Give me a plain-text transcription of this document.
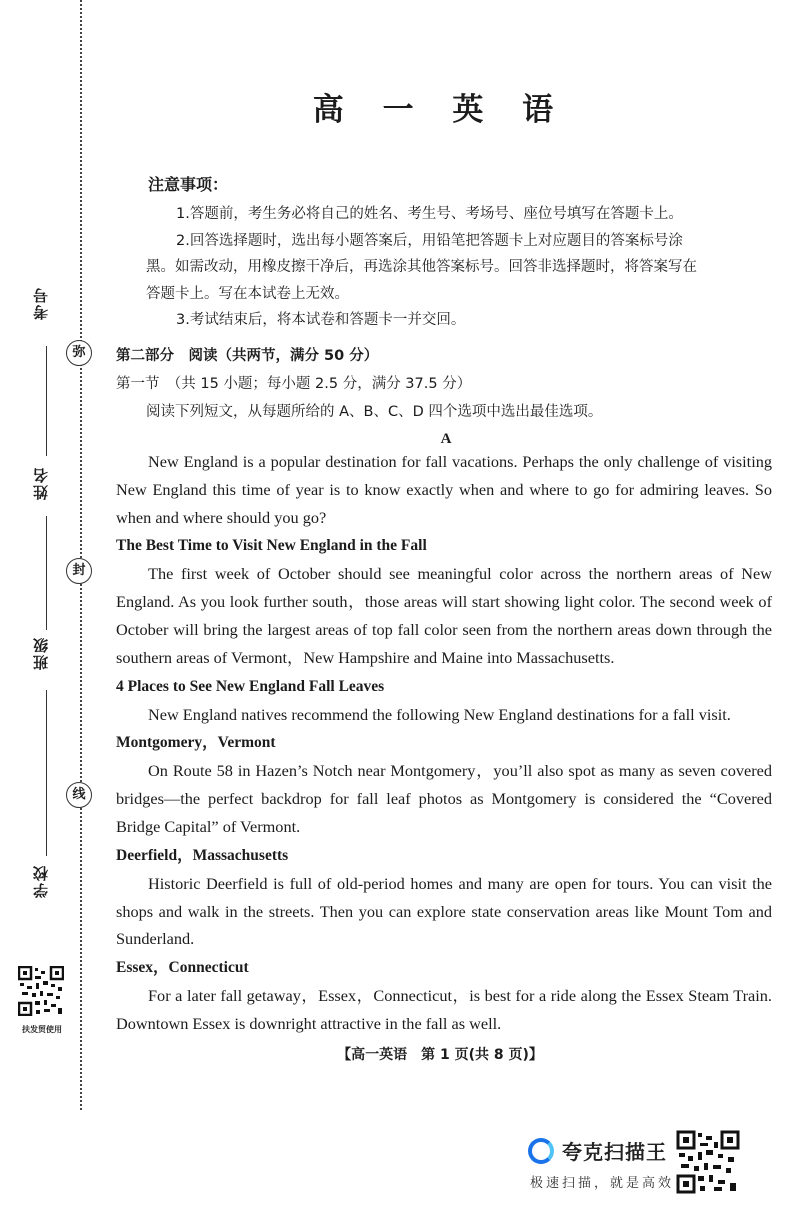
考号
姓名
班级
学校
弥
封
线
扶发贸使用
高 一 英 语
注意事项：
1.答题前，考生务必将自己的姓名、考生号、考场号、座位号填写在答题卡上。
2.回答选择题时，选出每小题答案后，用铅笔把答题卡上对应题目的答案标号涂
黑。如需改动，用橡皮擦干净后，再选涂其他答案标号。回答非选择题时，将答案写在
答题卡上。写在本试卷上无效。
3.考试结束后，将本试卷和答题卡一并交回。
第二部分　阅读（共两节，满分 50 分）
第一节　（共 15 小题；每小题 2.5 分，满分 37.5 分）
阅读下列短文，从每题所给的 A、B、C、D 四个选项中选出最佳选项。
A

New England is a popular destination for fall vacations. Perhaps the only challenge of visiting New England this time of year is to know exactly when and where to go for admiring leaves. So when and where should you go?

The Best Time to Visit New England in the Fall

The first week of October should see meaningful color across the northern areas of New England. As you look further south，those areas will start showing light color. The second week of October will bring the largest areas of top fall color seen from the northern areas down through the southern areas of Vermont，New Hampshire and Maine into Massachusetts.

4 Places to See New England Fall Leaves

New England natives recommend the following New England destinations for a fall visit.

Montgomery，Vermont

On Route 58 in Hazen’s Notch near Montgomery，you’ll also spot as many as seven covered bridges—the perfect backdrop for fall leaf photos as Montgomery is considered the “Covered Bridge Capital” of Vermont.

Deerfield，Massachusetts

Historic Deerfield is full of old-period homes and many are open for tours. You can visit the shops and walk in the streets. Then you can explore state conservation areas like Mount Tom and Sunderland.

Essex，Connecticut

For a later fall getaway，Essex，Connecticut，is best for a ride along the Essex Steam Train. Downtown Essex is downright attractive in the fall as well.

【高一英语　第 1 页(共 8 页)】
夸克扫描王
极速扫描，就是高效
